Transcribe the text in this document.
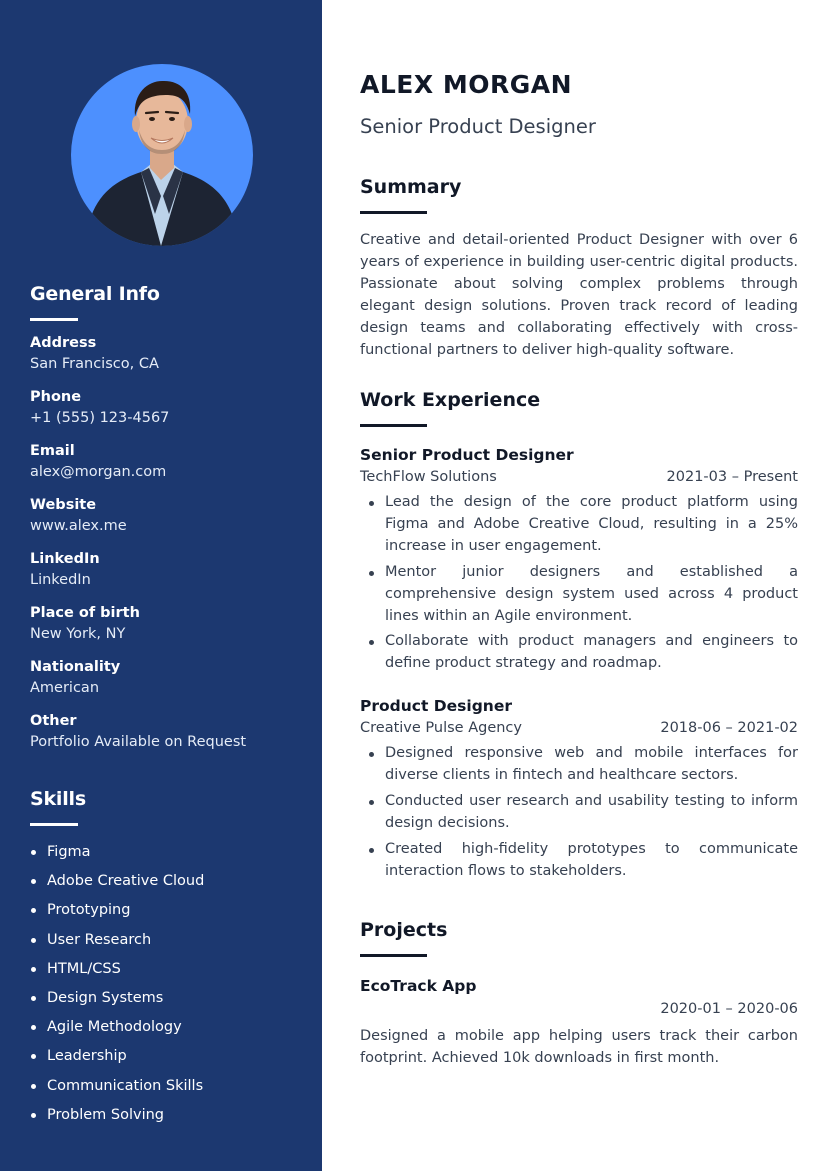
General Info
Address
San Francisco, CA
Phone
+1 (555) 123-4567
Email
alex@morgan.com
Website
www.alex.me
LinkedIn
LinkedIn
Place of birth
New York, NY
Nationality
American
Other
Portfolio Available on Request
Skills
Figma
Adobe Creative Cloud
Prototyping
User Research
HTML/CSS
Design Systems
Agile Methodology
Leadership
Communication Skills
Problem Solving
ALEX MORGAN
Senior Product Designer
Summary

Creative and detail-oriented Product Designer with over 6 years of experience in building user-centric digital products. Passionate about solving complex problems through elegant design solutions. Proven track record of leading design teams and collaborating effectively with cross-functional partners to deliver high-quality software.

Work Experience
Senior Product Designer
TechFlow Solutions	2021-03 – Present
Lead the design of the core product platform using Figma and Adobe Creative Cloud, resulting in a 25% increase in user engagement.
Mentor junior designers and established a comprehensive design system used across 4 product lines within an Agile environment.
Collaborate with product managers and engineers to define product strategy and roadmap.
Product Designer
Creative Pulse Agency	2018-06 – 2021-02
Designed responsive web and mobile interfaces for diverse clients in fintech and healthcare sectors.
Conducted user research and usability testing to inform design decisions.
Created high-fidelity prototypes to communicate interaction flows to stakeholders.
Projects
EcoTrack App
2020-01 – 2020-06

Designed a mobile app helping users track their carbon footprint. Achieved 10k downloads in first month.
